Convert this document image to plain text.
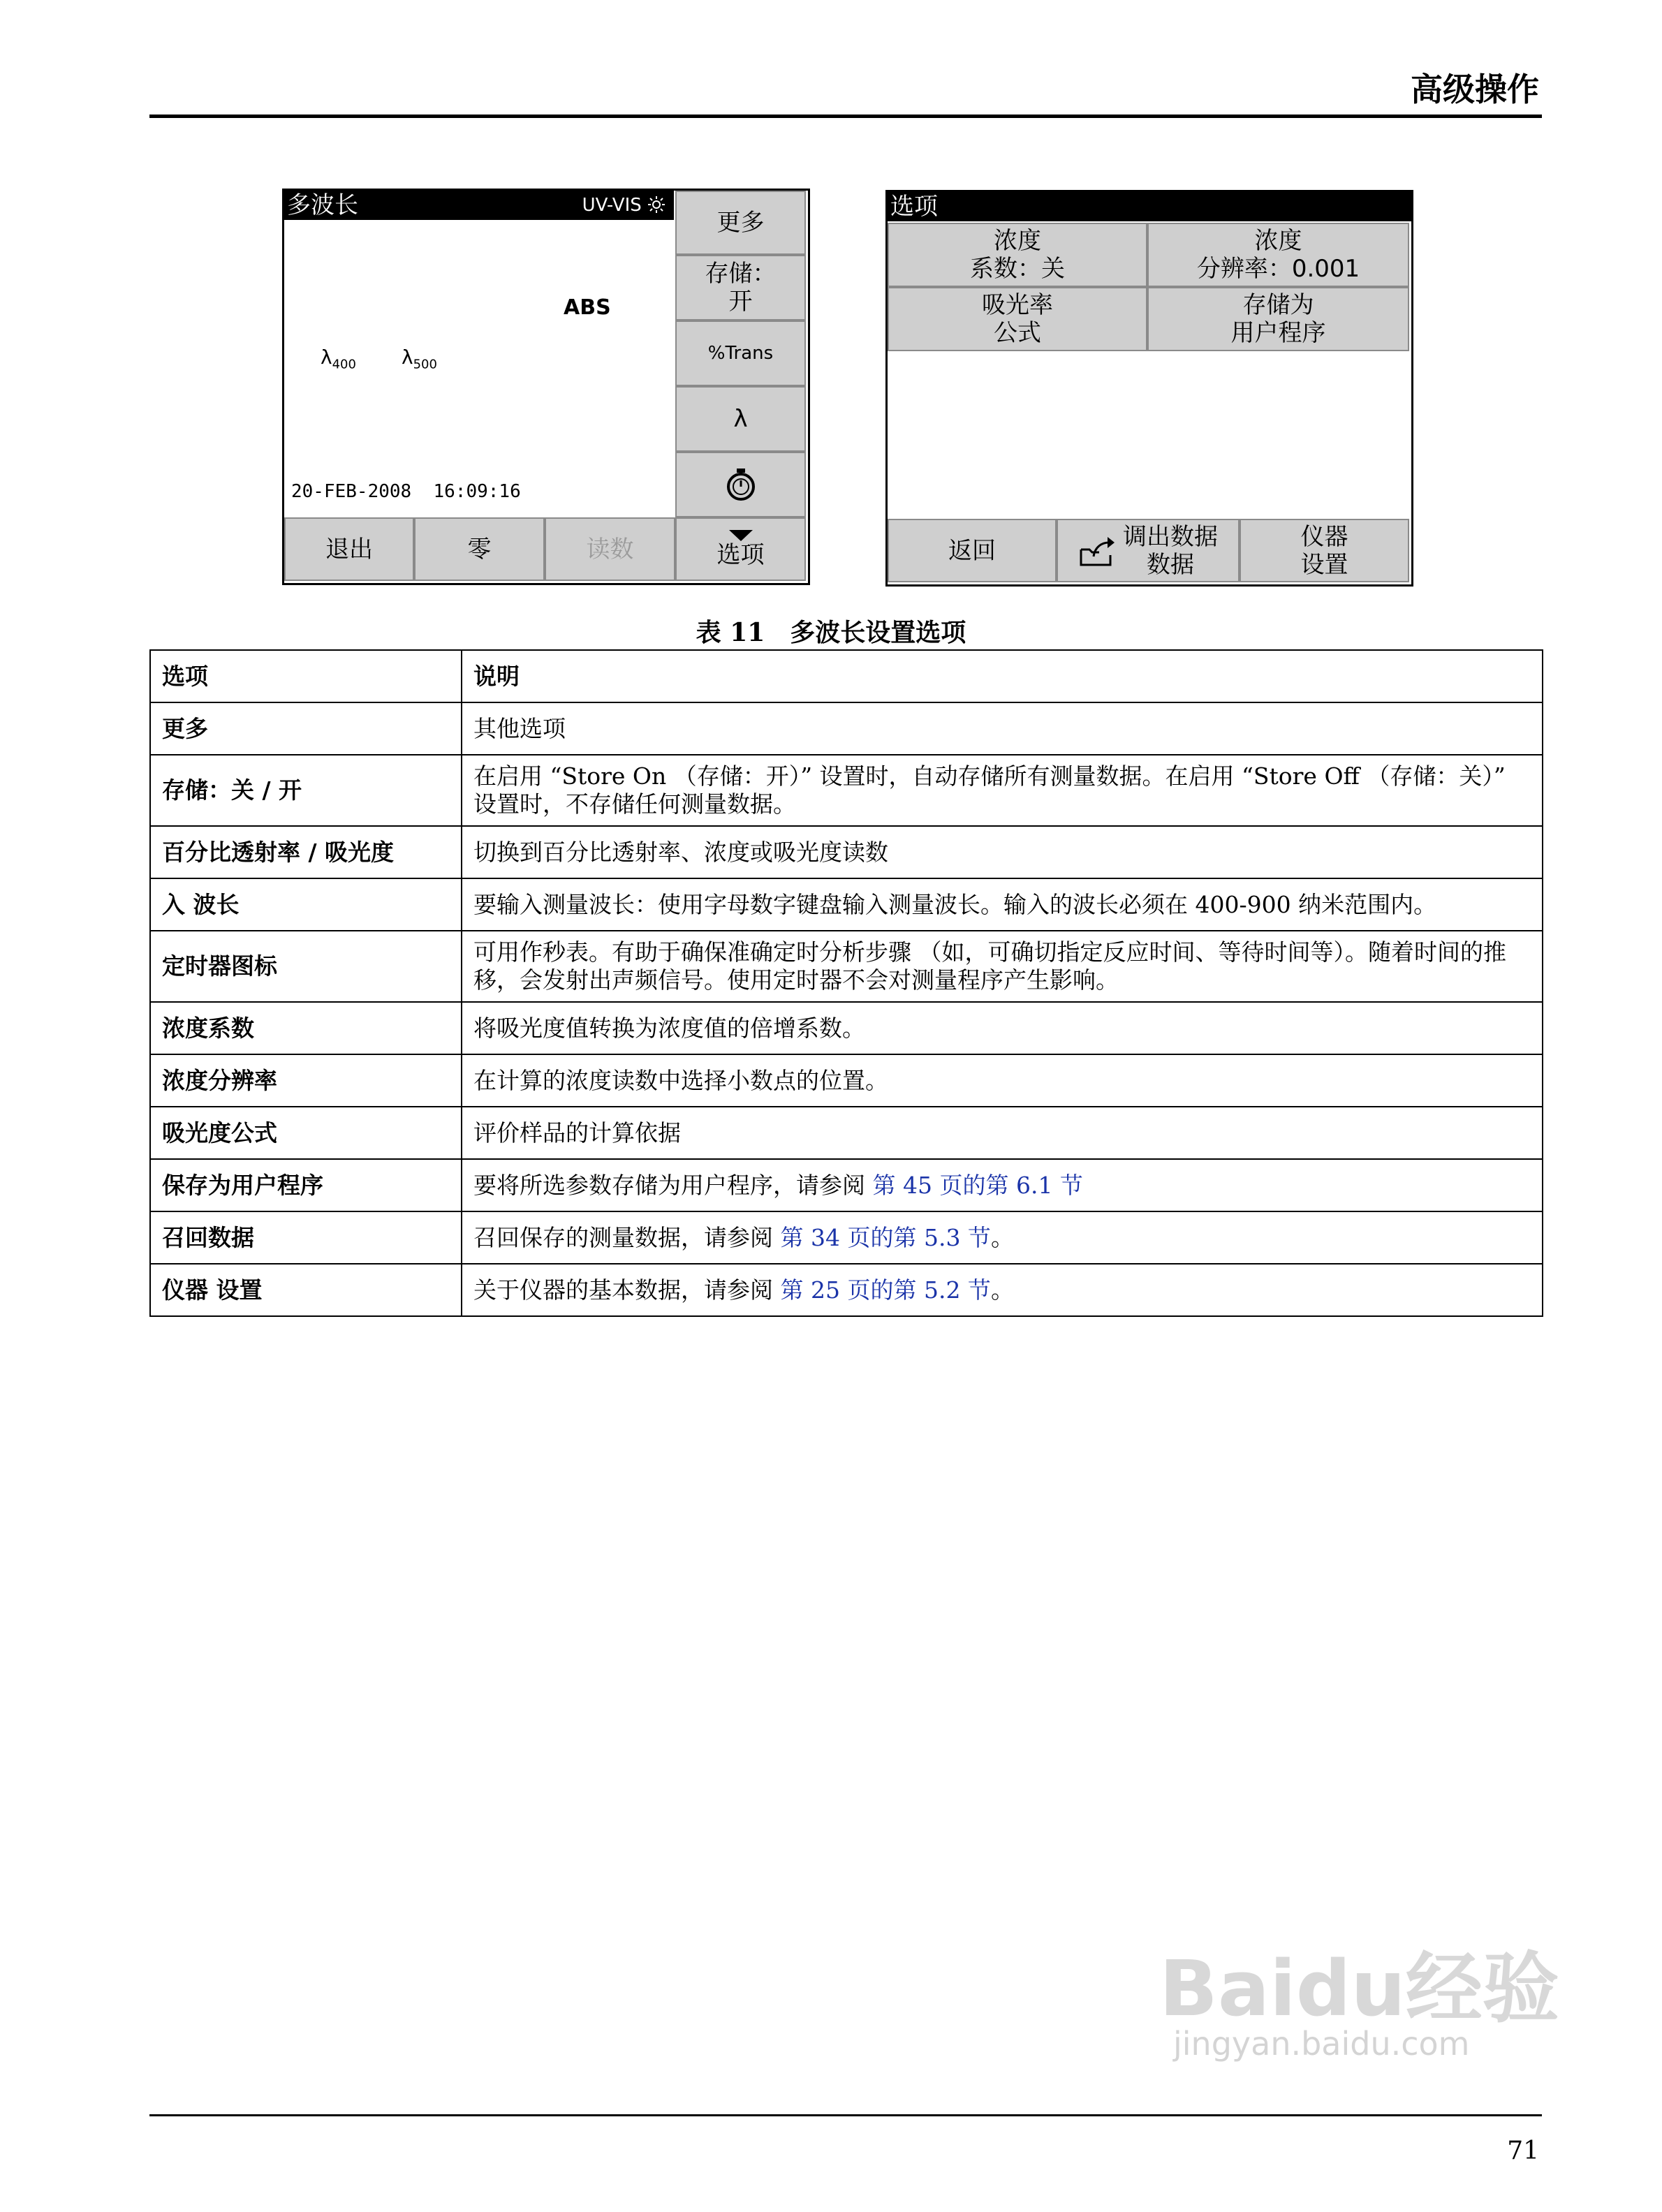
高级操作
多波长	UV-VIS
ABS
$\lambda_{400}$ $\lambda_{500}$
20-FEB-2008 16:09:16
更多
存储：
开
%Trans
λ
退出	零	读数	选项
选项
浓度
系数：关
浓度
分辨率：0.001
吸光率
公式
存储为
用户程序
返回	调出数据
数据
仪器
设置
表 11　多波长设置选项
选项	说明
更多	其他选项
存储：关 / 开	在启用 “Store On （存储：开）” 设置时，自动存储所有测量数据。在启用 “Store Off （存储：关）” 设置时，不存储任何测量数据。
百分比透射率 / 吸光度	切换到百分比透射率、浓度或吸光度读数
入 波长	要输入测量波长：使用字母数字键盘输入测量波长。输入的波长必须在 400-900 纳米范围内。
定时器图标	可用作秒表。有助于确保准确定时分析步骤 （如，可确切指定反应时间、等待时间等）。随着时间的推移，会发射出声频信号。使用定时器不会对测量程序产生影响。
浓度系数	将吸光度值转换为浓度值的倍增系数。
浓度分辨率	在计算的浓度读数中选择小数点的位置。
吸光度公式	评价样品的计算依据
保存为用户程序	要将所选参数存储为用户程序，请参阅 第 45 页的第 6.1 节
召回数据	召回保存的测量数据，请参阅 第 34 页的第 5.3 节。
仪器 设置	关于仪器的基本数据，请参阅 第 25 页的第 5.2 节。
Baidu经验
jingyan.baidu.com
71
